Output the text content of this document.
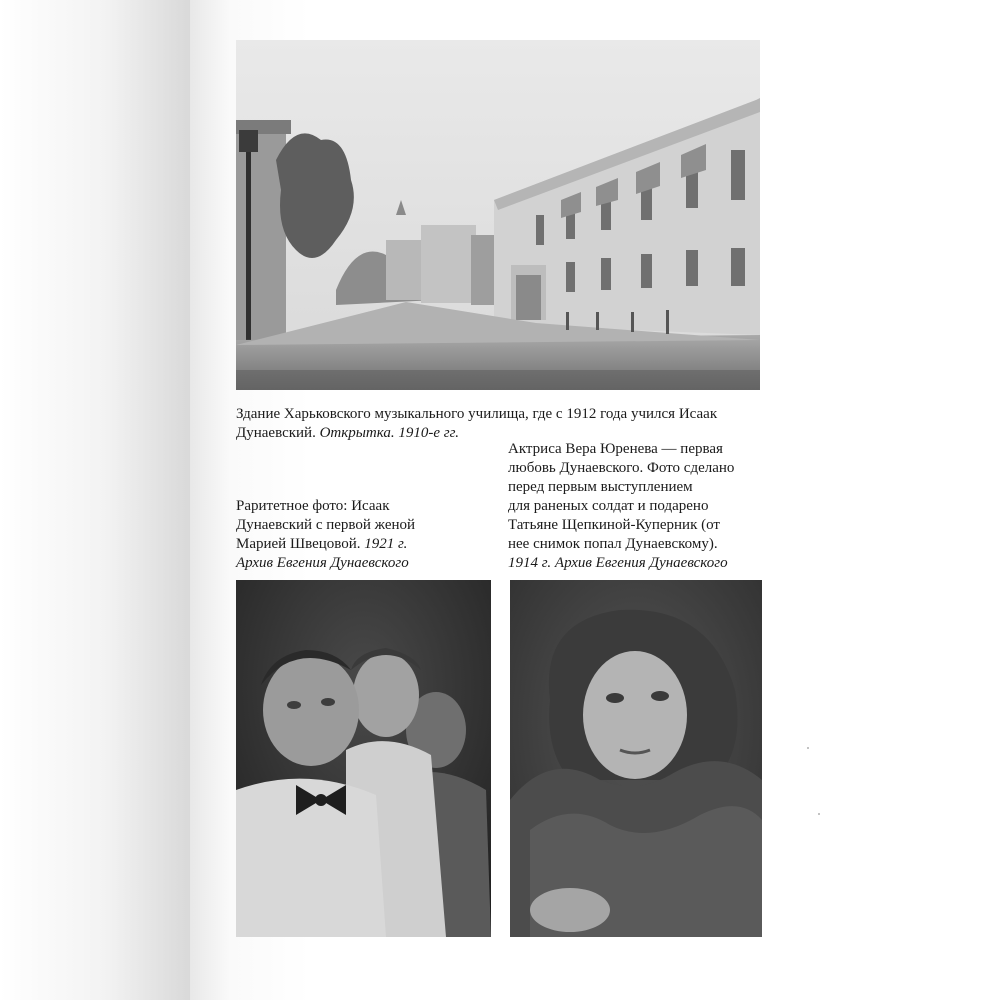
Здание Харьковского музыкального училища, где с 1912 года учился Исаак Дунаевский. Открытка. 1910-е гг.
Актриса Вера Юренева — первая
любовь Дунаевского. Фото сделано
перед первым выступлением
для раненых солдат и подарено
Татьяне Щепкиной-Куперник (от
нее снимок попал Дунаевскому).
1914 г. Архив Евгения Дунаевского
Раритетное фото: Исаак
Дунаевский с первой женой
Марией Швецовой. 1921 г.
Архив Евгения Дунаевского
